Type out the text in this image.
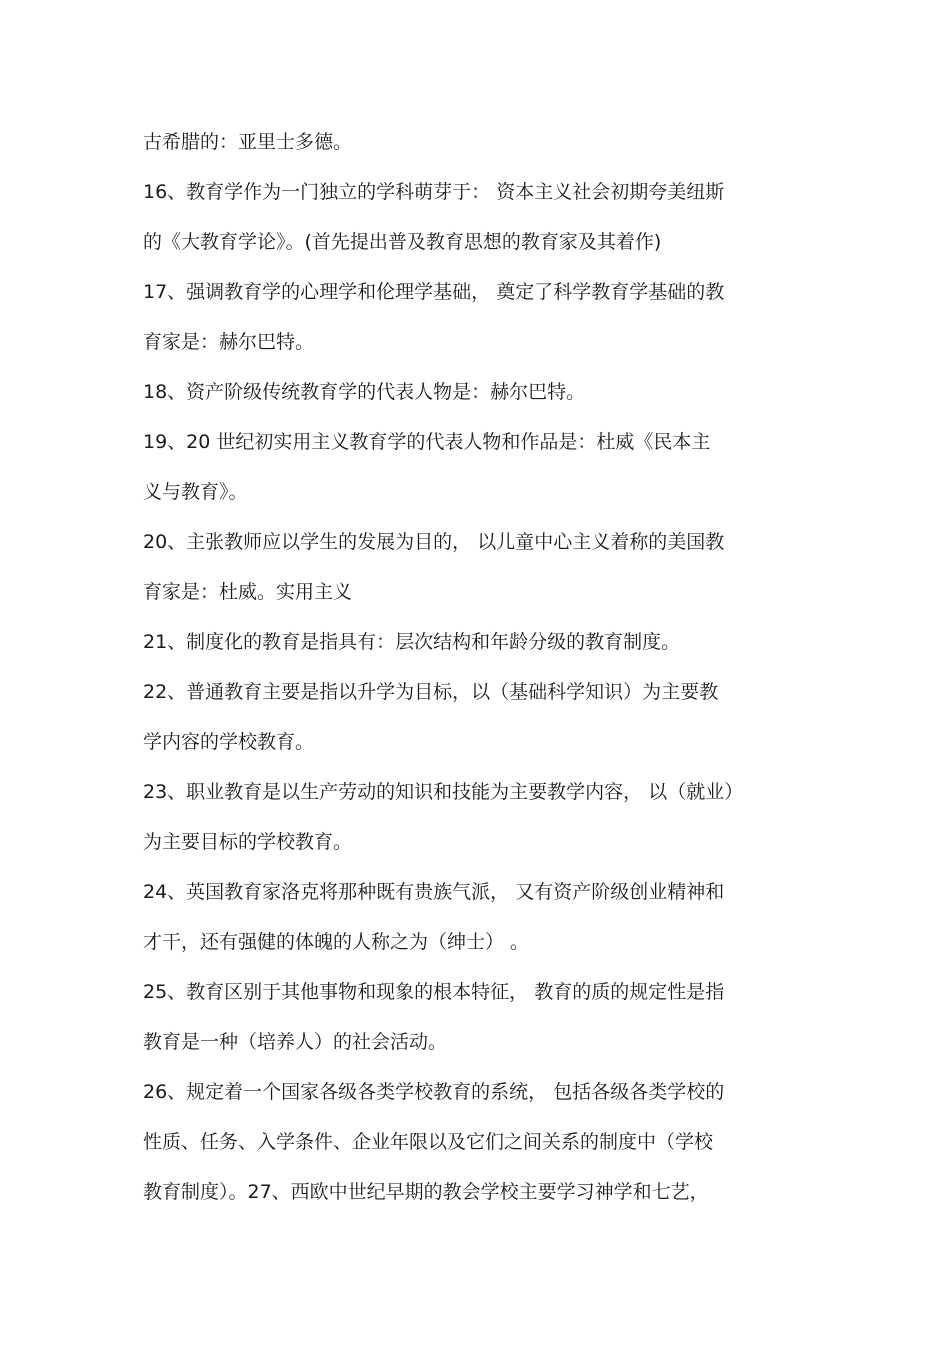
古希腊的：亚里士多德。
16、教育学作为一门独立的学科萌芽于： 资本主义社会初期夸美纽斯
的《大教育学论》。(首先提出普及教育思想的教育家及其着作)
17、强调教育学的心理学和伦理学基础， 奠定了科学教育学基础的教
育家是：赫尔巴特。
18、资产阶级传统教育学的代表人物是：赫尔巴特。
19、20 世纪初实用主义教育学的代表人物和作品是：杜威《民本主
义与教育》。
20、主张教师应以学生的发展为目的， 以儿童中心主义着称的美国教
育家是：杜威。实用主义
21、制度化的教育是指具有：层次结构和年龄分级的教育制度。
22、普通教育主要是指以升学为目标，以（基础科学知识）为主要教
学内容的学校教育。
23、职业教育是以生产劳动的知识和技能为主要教学内容， 以（就业）
为主要目标的学校教育。
24、英国教育家洛克将那种既有贵族气派， 又有资产阶级创业精神和
才干，还有强健的体魄的人称之为（绅士） 。
25、教育区别于其他事物和现象的根本特征， 教育的质的规定性是指
教育是一种（培养人）的社会活动。
26、规定着一个国家各级各类学校教育的系统， 包括各级各类学校的
性质、任务、入学条件、企业年限以及它们之间关系的制度中（学校
教育制度）。27、西欧中世纪早期的教会学校主要学习神学和七艺，
